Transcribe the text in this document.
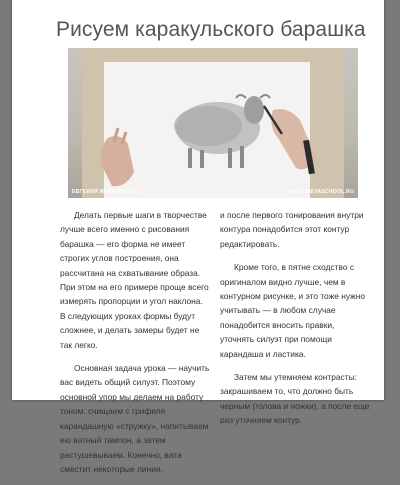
Рисуем каракульского барашка
ЕВГЕНИЯ МЕЛЬНИКОВА	KALACHEVASCHOOL.RU

Делать первые шаги в творчестве лучше всего именно с рисования барашка — его форма не имеет строгих углов построения, она рассчитана на схватывание образа. При этом на его примере проще всего измерять пропорции и угол наклона. В следующих уроках формы будут сложнее, и делать замеры будет не так легко.

Основная задача урока — научить вас видеть общий силуэт. Поэтому основной упор мы делаем на работу тоном: счищаем с грифеля карандашную «стружку», напитываем ею ватный тампон, а затем растушевываем. Конечно, вата сместит некоторые линии,

и после первого тонирования внутри контура понадобится этот контур редактировать.

Кроме того, в пятне сходство с оригиналом видно лучше, чем в контурном рисунке, и это тоже нужно учитывать — в любом случае понадобится вносить правки, уточнять силуэт при помощи карандаша и ластика.

Затем мы утемняем контрасты: закрашиваем то, что должно быть черным (голова и ножки), а после еще раз уточняем контур.
